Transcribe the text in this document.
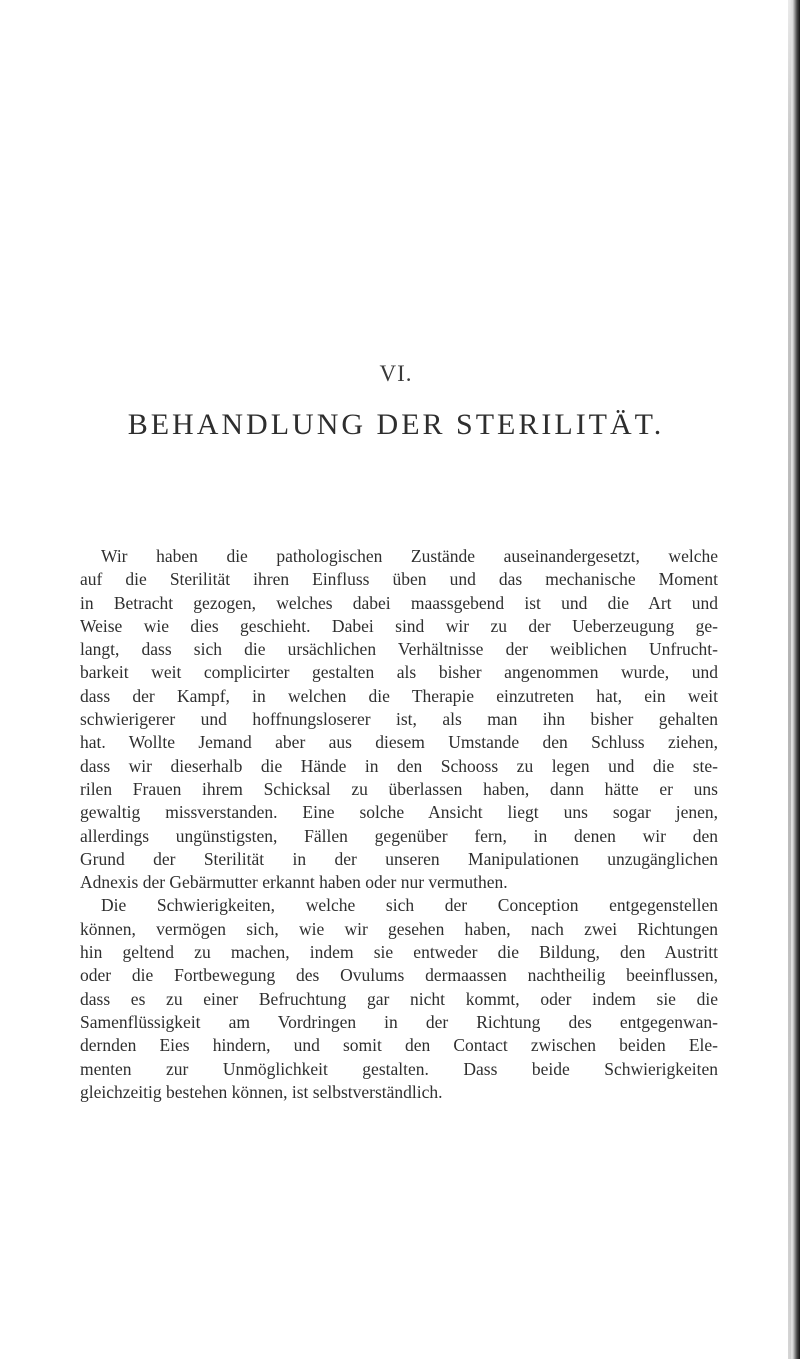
VI.
BEHANDLUNG DER STERILITÄT.
Wir haben die pathologischen Zustände auseinandergesetzt, welche
auf die Sterilität ihren Einfluss üben und das mechanische Moment
in Betracht gezogen, welches dabei maassgebend ist und die Art und
Weise wie dies geschieht. Dabei sind wir zu der Ueberzeugung ge-
langt, dass sich die ursächlichen Verhältnisse der weiblichen Unfrucht-
barkeit weit complicirter gestalten als bisher angenommen wurde, und
dass der Kampf, in welchen die Therapie einzutreten hat, ein weit
schwierigerer und hoffnungsloserer ist, als man ihn bisher gehalten
hat. Wollte Jemand aber aus diesem Umstande den Schluss ziehen,
dass wir dieserhalb die Hände in den Schooss zu legen und die ste-
rilen Frauen ihrem Schicksal zu überlassen haben, dann hätte er uns
gewaltig missverstanden. Eine solche Ansicht liegt uns sogar jenen,
allerdings ungünstigsten, Fällen gegenüber fern, in denen wir den
Grund der Sterilität in der unseren Manipulationen unzugänglichen
Adnexis der Gebärmutter erkannt haben oder nur vermuthen.
Die Schwierigkeiten, welche sich der Conception entgegenstellen
können, vermögen sich, wie wir gesehen haben, nach zwei Richtungen
hin geltend zu machen, indem sie entweder die Bildung, den Austritt
oder die Fortbewegung des Ovulums dermaassen nachtheilig beeinflussen,
dass es zu einer Befruchtung gar nicht kommt, oder indem sie die
Samenflüssigkeit am Vordringen in der Richtung des entgegenwan-
dernden Eies hindern, und somit den Contact zwischen beiden Ele-
menten zur Unmöglichkeit gestalten. Dass beide Schwierigkeiten
gleichzeitig bestehen können, ist selbstverständlich.
